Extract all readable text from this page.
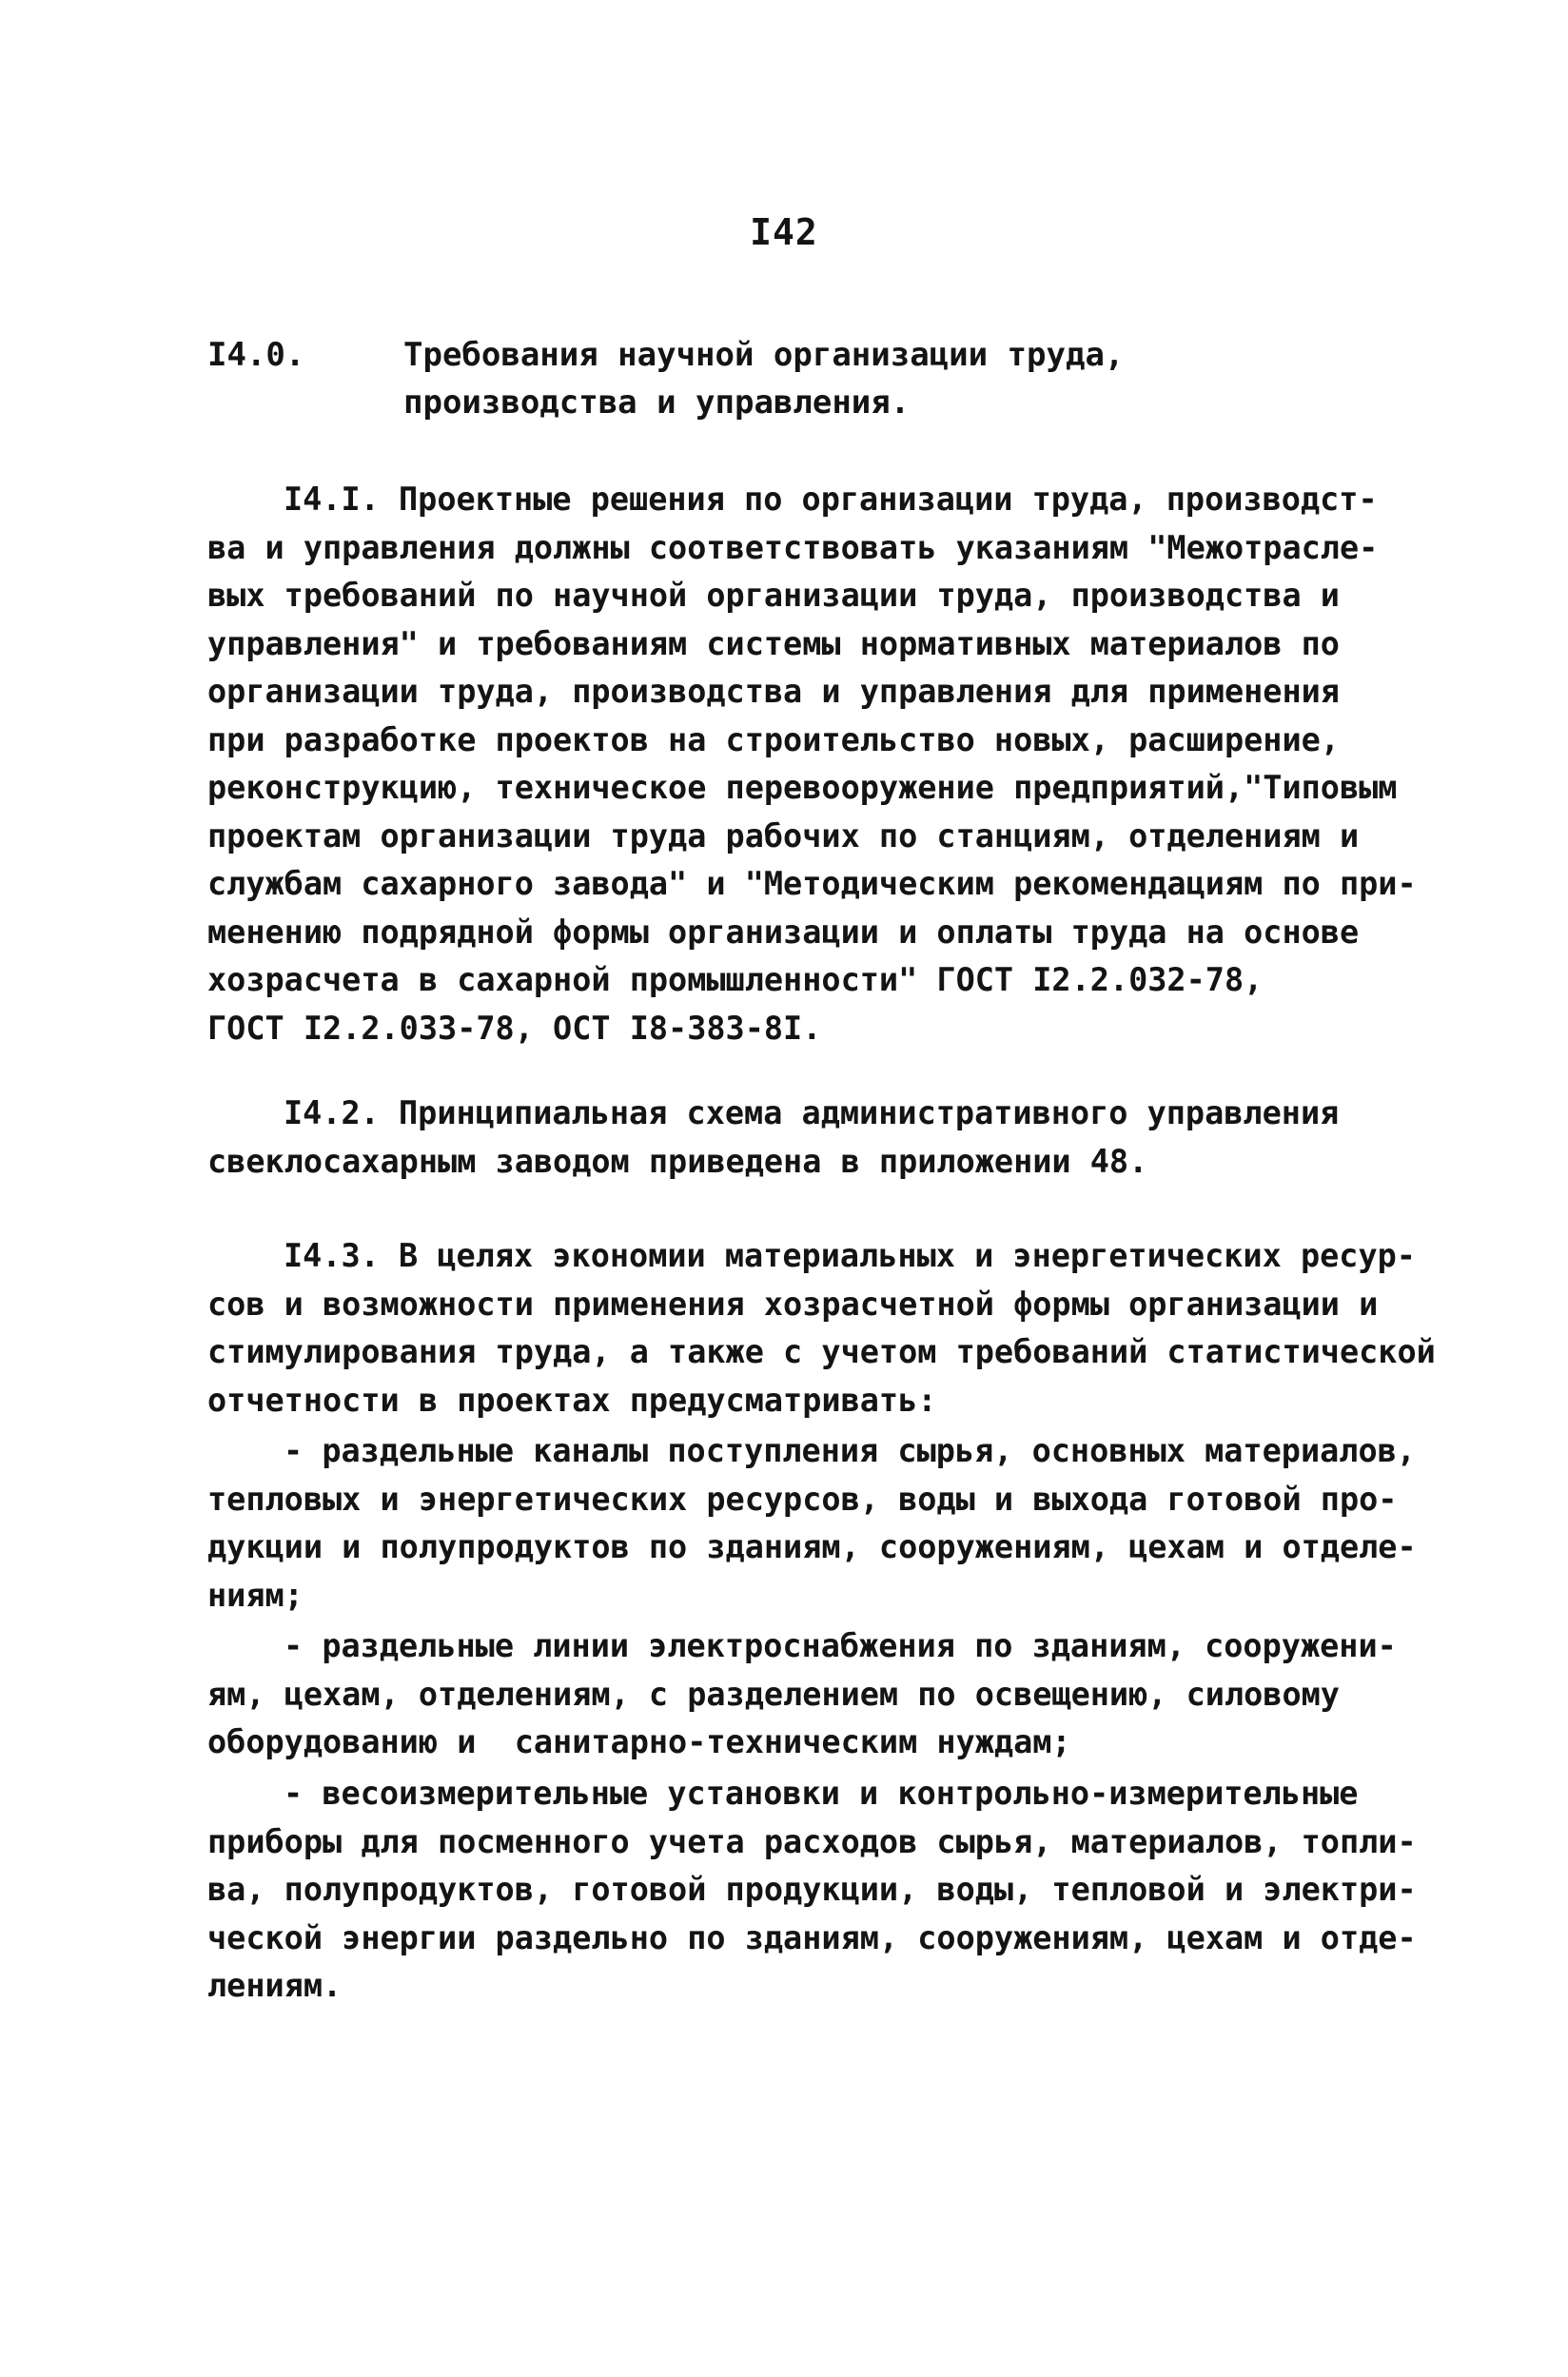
I42
I4.0.	Требования научной организации труда,
производства и управления.
I4.I. Проектные решения по организации труда, производст-
ва и управления должны соответствовать указаниям "Межотрасле-
вых требований по научной организации труда, производства и
управления" и требованиям системы нормативных материалов по
организации труда, производства и управления для применения
при разработке проектов на строительство новых, расширение,
реконструкцию, техническое перевооружение предприятий,"Типовым
проектам организации труда рабочих по станциям, отделениям и
службам сахарного завода" и "Методическим рекомендациям по при-
менению подрядной формы организации и оплаты труда на основе
хозрасчета в сахарной промышленности" ГОСТ I2.2.032-78,
ГОСТ I2.2.033-78, ОСТ I8-383-8I.
I4.2. Принципиальная схема административного управления
свеклосахарным заводом приведена в приложении 48.
I4.3. В целях экономии материальных и энергетических ресур-
сов и возможности применения хозрасчетной формы организации и
стимулирования труда, а также с учетом требований статистической
отчетности в проектах предусматривать:
- раздельные каналы поступления сырья, основных материалов,
тепловых и энергетических ресурсов, воды и выхода готовой про-
дукции и полупродуктов по зданиям, сооружениям, цехам и отделе-
ниям;
- раздельные линии электроснабжения по зданиям, сооружени-
ям, цехам, отделениям, с разделением по освещению, силовому
оборудованию и  санитарно-техническим нуждам;
- весоизмерительные установки и контрольно-измерительные
приборы для посменного учета расходов сырья, материалов, топли-
ва, полупродуктов, готовой продукции, воды, тепловой и электри-
ческой энергии раздельно по зданиям, сооружениям, цехам и отде-
лениям.
